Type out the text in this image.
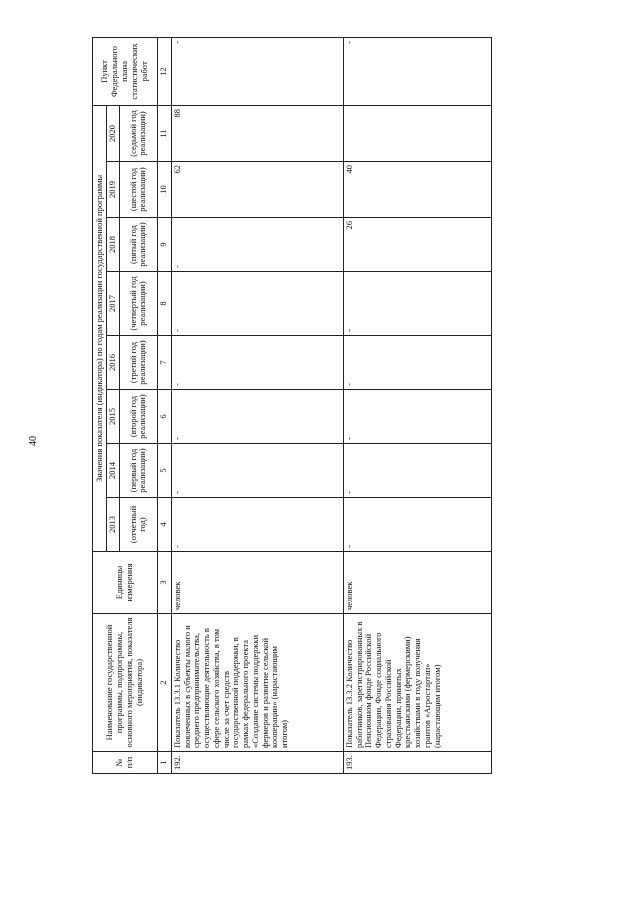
40
№ п/п	Наименование государственной программы, подпрограммы, основного мероприятия, показателя (индикатора)	Единицы измерения	Значения показателя (индикатора) по годам реализации государственной программы								Пункт Федерального плана статистических работ
			2013	2014	2015	2016	2017	2018	2019	2020	
			(отчетный год)	(первый год реализации)	(второй год реализации)	(третий год реализации)	(четвертый год реализации)	(пятый год реализации)	(шестой год реализации)	(седьмой год реализации)	
1	2	3	4	5	6	7	8	9	10	11	12
192.	Показатель 13.3.1 Количество вовлеченных в субъекты малого и среднего предпринимательства, осуществляющие деятельность в сфере сельского хозяйства, в том числе за счет средств государственной поддержки, в рамках федерального проекта «Создание системы поддержки фермеров и развитие сельской кооперации» (нарастающим итогом)	человек	-	-	-	-	-	-	62	88	-
193.	Показатель 13.3.2 Количество работников, зарегистрированных в Пенсионном фонде Российской Федерации, Фонде социального страхования Российской Федерации, принятых крестьянскими (фермерскими) хозяйствами в году получения грантов «Агростартап» (нарастающим итогом)	человек	-	-	-	-	-	26	40		-
